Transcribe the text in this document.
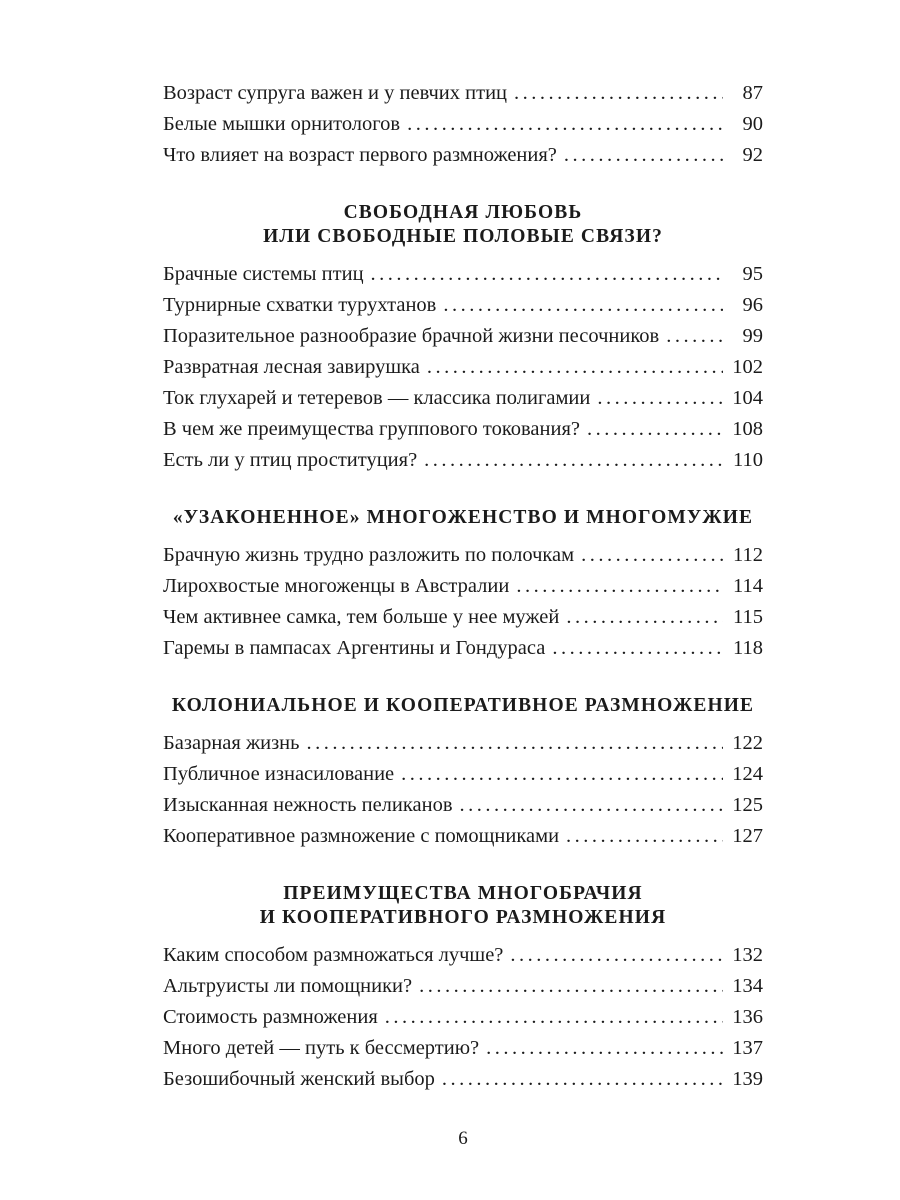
Возраст супруга важен и у певчих птиц .....	87
Белые мышки орнитологов .....	90
Что влияет на возраст первого размножения? .....	92
СВОБОДНАЯ ЛЮБОВЬ
ИЛИ СВОБОДНЫЕ ПОЛОВЫЕ СВЯЗИ?
Брачные системы птиц .....	95
Турнирные схватки турухтанов .....	96
Поразительное разнообразие брачной жизни песочников .....	99
Развратная лесная завирушка .....	102
Ток глухарей и тетеревов — классика полигамии .....	104
В чем же преимущества группового токования? .....	108
Есть ли у птиц проституция? .....	110
«УЗАКОНЕННОЕ» МНОГОЖЕНСТВО И МНОГОМУЖИЕ
Брачную жизнь трудно разложить по полочкам .....	112
Лирохвостые многоженцы в Австралии .....	114
Чем активнее самка, тем больше у нее мужей .....	115
Гаремы в пампасах Аргентины и Гондураса .....	118
КОЛОНИАЛЬНОЕ И КООПЕРАТИВНОЕ РАЗМНОЖЕНИЕ
Базарная жизнь .....	122
Публичное изнасилование .....	124
Изысканная нежность пеликанов .....	125
Кооперативное размножение с помощниками .....	127
ПРЕИМУЩЕСТВА МНОГОБРАЧИЯ
И КООПЕРАТИВНОГО РАЗМНОЖЕНИЯ
Каким способом размножаться лучше? .....	132
Альтруисты ли помощники? .....	134
Стоимость размножения .....	136
Много детей — путь к бессмертию? .....	137
Безошибочный женский выбор .....	139
6
